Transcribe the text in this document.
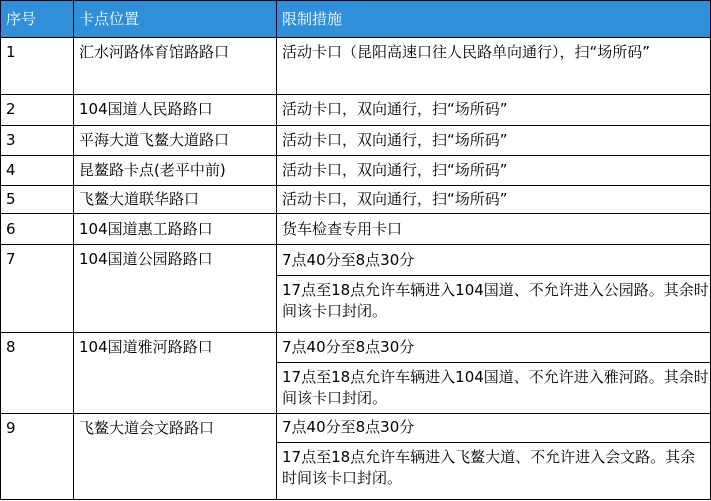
序号	卡点位置	限制措施
1	汇水河路体育馆路路口	活动卡口（昆阳高速口往人民路单向通行），扫“场所码”
2	104国道人民路路口	活动卡口，双向通行，扫“场所码”
3	平海大道飞鳌大道路口	活动卡口，双向通行，扫“场所码”
4	昆鳌路卡点(老平中前)	活动卡口，双向通行，扫“场所码”
5	飞鳌大道联华路口	活动卡口，双向通行，扫“场所码”
6	104国道惠工路路口	货车检查专用卡口
7	104国道公园路路口	7点40分至8点30分
		17点至18点允许车辆进入104国道、不允许进入公园路。其余时间该卡口封闭。
8	104国道雅河路路口	7点40分至8点30分
		17点至18点允许车辆进入104国道、不允许进入雅河路。其余时间该卡口封闭。
9	飞鳌大道会文路路口	7点40分至8点30分
		17点至18点允许车辆进入飞鳌大道、不允许进入会文路。其余时间该卡口封闭。
